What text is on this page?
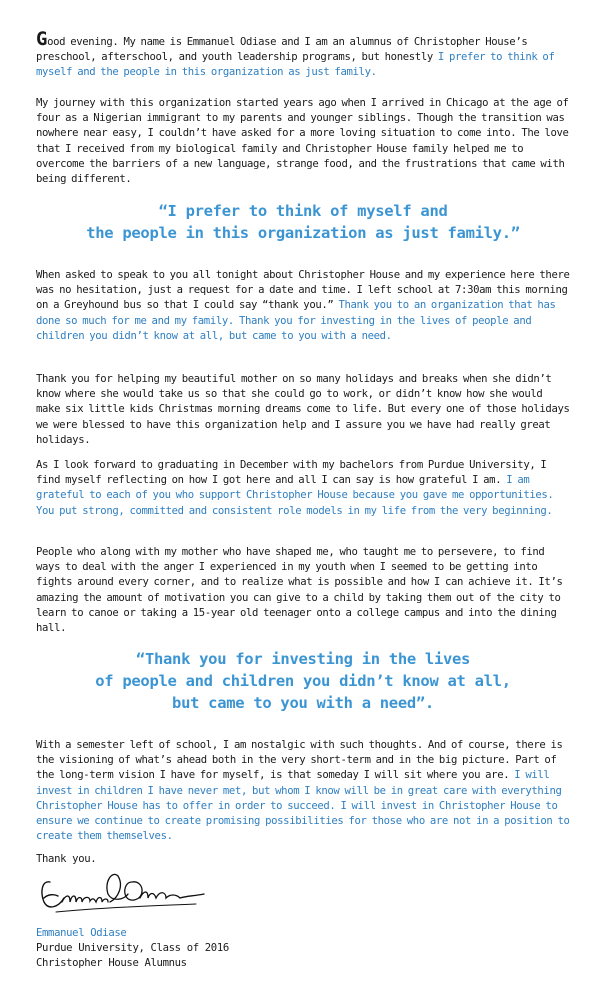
Good evening. My name is Emmanuel Odiase and I am an alumnus of Christopher House’s preschool, afterschool, and youth leadership programs, but honestly I prefer to think of myself and the people in this organization as just family.

My journey with this organization started years ago when I arrived in Chicago at the age of four as a Nigerian immigrant to my parents and younger siblings. Though the transition was nowhere near easy, I couldn’t have asked for a more loving situation to come into. The love that I received from my biological family and Christopher House family helped me to overcome the barriers of a new language, strange food, and the frustrations that came with being different.

“I prefer to think of myself and
the people in this organization as just family.”

When asked to speak to you all tonight about Christopher House and my experience here there was no hesitation, just a request for a date and time. I left school at 7:30am this morning on a Greyhound bus so that I could say “thank you.” Thank you to an organization that has done so much for me and my family. Thank you for investing in the lives of people and children you didn’t know at all, but came to you with a need.

Thank you for helping my beautiful mother on so many holidays and breaks when she didn’t know where she would take us so that she could go to work, or didn’t know how she would make six little kids Christmas morning dreams come to life. But every one of those holidays we were blessed to have this organization help and I assure you we have had really great holidays.

As I look forward to graduating in December with my bachelors from Purdue University, I find myself reflecting on how I got here and all I can say is how grateful I am. I am grateful to each of you who support Christopher House because you gave me opportunities. You put strong, committed and consistent role models in my life from the very beginning.

People who along with my mother who have shaped me, who taught me to persevere, to find ways to deal with the anger I experienced in my youth when I seemed to be getting into fights around every corner, and to realize what is possible and how I can achieve it. It’s amazing the amount of motivation you can give to a child by taking them out of the city to learn to canoe or taking a 15-year old teenager onto a college campus and into the dining hall.

“Thank you for investing in the lives
of people and children you didn’t know at all,
but came to you with a need”.

With a semester left of school, I am nostalgic with such thoughts. And of course, there is the visioning of what’s ahead both in the very short-term and in the big picture. Part of the long-term vision I have for myself, is that someday I will sit where you are. I will invest in children I have never met, but whom I know will be in great care with everything Christopher House has to offer in order to succeed. I will invest in Christopher House to ensure we continue to create promising possibilities for those who are not in a position to create them themselves.

Thank you.

Emmanuel Odiase

Purdue University, Class of 2016

Christopher House Alumnus
